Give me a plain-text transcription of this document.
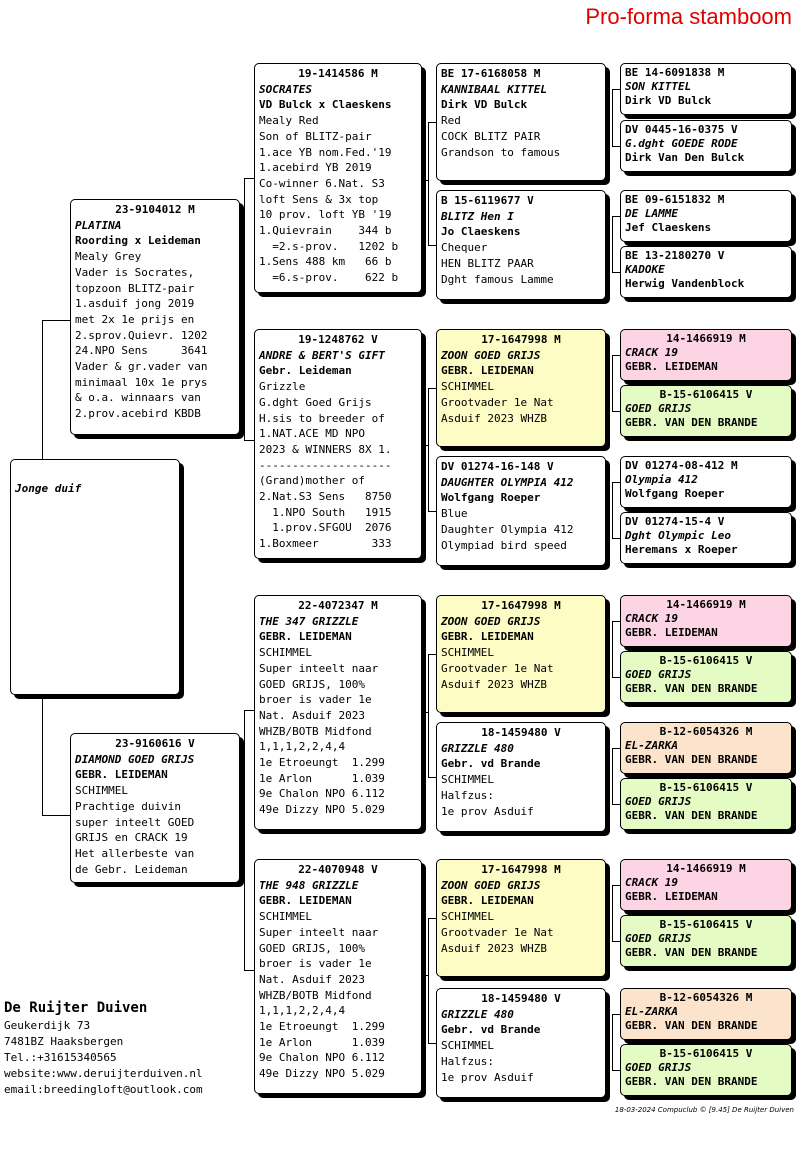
Pro-forma stamboom
Jonge duif
23-9104012 M
PLATINA
Roording x Leideman
Mealy Grey
Vader is Socrates,
topzoon BLITZ-pair
1.asduif jong 2019
met 2x 1e prijs en
2.sprov.Quievr. 1202
24.NPO Sens     3641
Vader & gr.vader van
minimaal 10x 1e prys
& o.a. winnaars van
2.prov.acebird KBDB
23-9160616 V
DIAMOND GOED GRIJS
GEBR. LEIDEMAN
SCHIMMEL
Prachtige duivin
super inteelt GOED
GRIJS en CRACK 19
Het allerbeste van
de Gebr. Leideman
19-1414586 M
SOCRATES
VD Bulck x Claeskens
Mealy Red
Son of BLITZ-pair
1.ace YB nom.Fed.'19
1.acebird YB 2019
Co-winner 6.Nat. S3
loft Sens & 3x top
10 prov. loft YB '19
1.Quievrain    344 b
=2.s-prov.   1202 b
1.Sens 488 km   66 b
=6.s-prov.    622 b
19-1248762 V
ANDRE & BERT'S GIFT
Gebr. Leideman
Grizzle
G.dght Goed Grijs
H.sis to breeder of
1.NAT.ACE MD NPO
2023 & WINNERS 8X 1.
--------------------
(Grand)mother of
2.Nat.S3 Sens   8750
1.NPO South   1915
1.prov.SFGOU  2076
1.Boxmeer        333
22-4072347 M
THE 347 GRIZZLE
GEBR. LEIDEMAN
SCHIMMEL
Super inteelt naar
GOED GRIJS, 100%
broer is vader 1e
Nat. Asduif 2023
WHZB/BOTB Midfond
1,1,1,2,2,4,4
1e Etroeungt  1.299
1e Arlon      1.039
9e Chalon NPO 6.112
49e Dizzy NPO 5.029
22-4070948 V
THE 948 GRIZZLE
GEBR. LEIDEMAN
SCHIMMEL
Super inteelt naar
GOED GRIJS, 100%
broer is vader 1e
Nat. Asduif 2023
WHZB/BOTB Midfond
1,1,1,2,2,4,4
1e Etroeungt  1.299
1e Arlon      1.039
9e Chalon NPO 6.112
49e Dizzy NPO 5.029
BE 17-6168058 M
KANNIBAAL KITTEL
Dirk VD Bulck
Red
COCK BLITZ PAIR
Grandson to famous
B 15-6119677 V
BLITZ Hen I
Jo Claeskens
Chequer
HEN BLITZ PAAR
Dght famous Lamme
17-1647998 M
ZOON GOED GRIJS
GEBR. LEIDEMAN
SCHIMMEL
Grootvader 1e Nat
Asduif 2023 WHZB
DV 01274-16-148 V
DAUGHTER OLYMPIA 412
Wolfgang Roeper
Blue
Daughter Olympia 412
Olympiad bird speed
17-1647998 M
ZOON GOED GRIJS
GEBR. LEIDEMAN
SCHIMMEL
Grootvader 1e Nat
Asduif 2023 WHZB
18-1459480 V
GRIZZLE 480
Gebr. vd Brande
SCHIMMEL
Halfzus:
1e prov Asduif
17-1647998 M
ZOON GOED GRIJS
GEBR. LEIDEMAN
SCHIMMEL
Grootvader 1e Nat
Asduif 2023 WHZB
18-1459480 V
GRIZZLE 480
Gebr. vd Brande
SCHIMMEL
Halfzus:
1e prov Asduif
BE 14-6091838 M
SON KITTEL
Dirk VD Bulck
DV 0445-16-0375 V
G.dght GOEDE RODE
Dirk Van Den Bulck
BE 09-6151832 M
DE LAMME
Jef Claeskens
BE 13-2180270 V
KADOKE
Herwig Vandenblock
14-1466919 M
CRACK 19
GEBR. LEIDEMAN
B-15-6106415 V
GOED GRIJS
GEBR. VAN DEN BRANDE
DV 01274-08-412 M
Olympia 412
Wolfgang Roeper
DV 01274-15-4 V
Dght Olympic Leo
Heremans x Roeper
14-1466919 M
CRACK 19
GEBR. LEIDEMAN
B-15-6106415 V
GOED GRIJS
GEBR. VAN DEN BRANDE
B-12-6054326 M
EL-ZARKA
GEBR. VAN DEN BRANDE
B-15-6106415 V
GOED GRIJS
GEBR. VAN DEN BRANDE
14-1466919 M
CRACK 19
GEBR. LEIDEMAN
B-15-6106415 V
GOED GRIJS
GEBR. VAN DEN BRANDE
B-12-6054326 M
EL-ZARKA
GEBR. VAN DEN BRANDE
B-15-6106415 V
GOED GRIJS
GEBR. VAN DEN BRANDE
De Ruijter Duiven
Geukerdijk 73
7481BZ Haaksbergen
Tel.:+31615340565
website:www.deruijterduiven.nl
email:breedingloft@outlook.com
18-03-2024 Compuclub © [9.45] De Ruijter Duiven
